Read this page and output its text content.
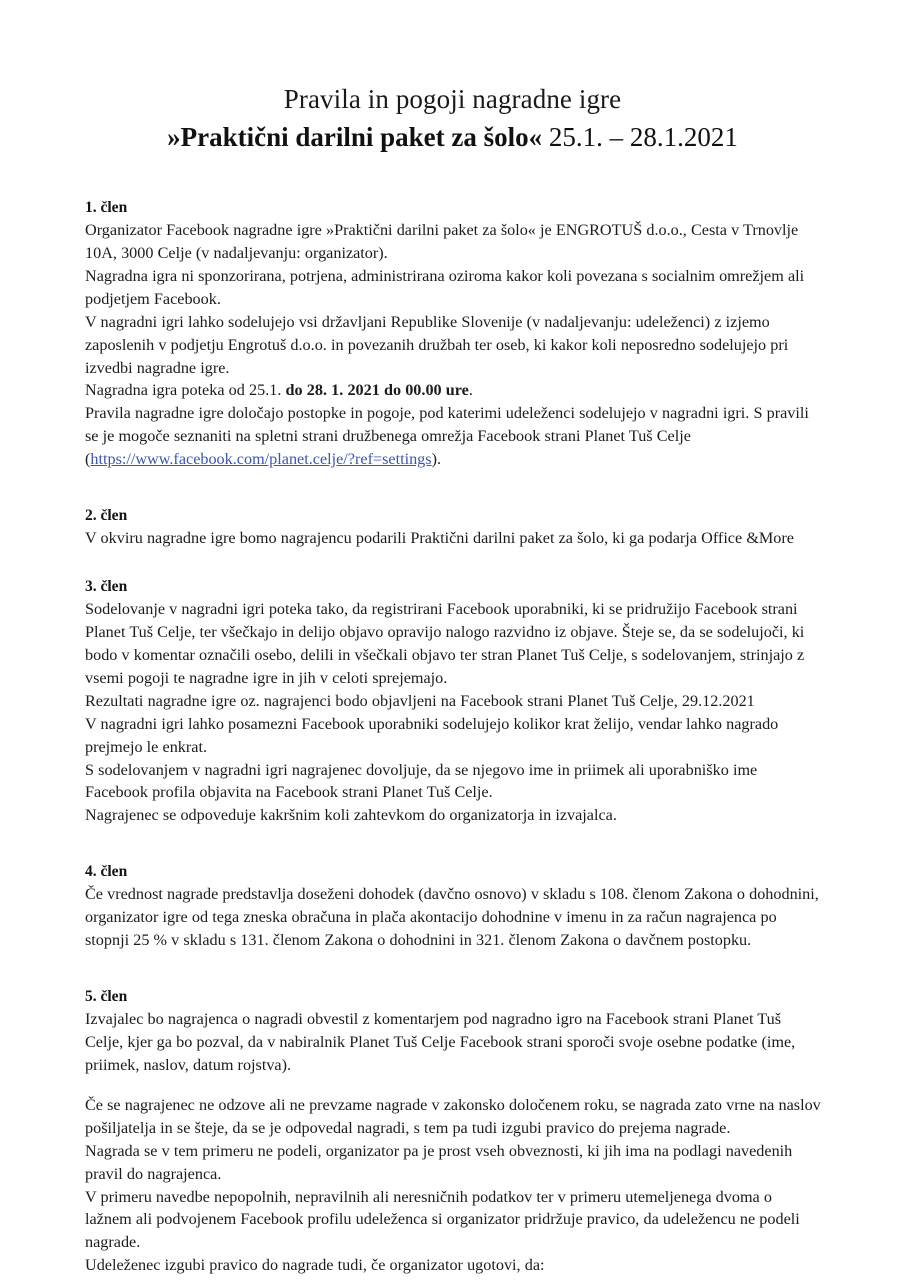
Pravila in pogoji nagradne igre
»Praktični darilni paket za šolo« 25.1. – 28.1.2021

1. člen

Organizator Facebook nagradne igre »Praktični darilni paket za šolo« je ENGROTUŠ d.o.o., Cesta v Trnovlje 10A, 3000 Celje (v nadaljevanju: organizator).

Nagradna igra ni sponzorirana, potrjena, administrirana oziroma kakor koli povezana s socialnim omrežjem ali podjetjem Facebook.

V nagradni igri lahko sodelujejo vsi državljani Republike Slovenije (v nadaljevanju: udeleženci) z izjemo zaposlenih v podjetju Engrotuš d.o.o. in povezanih družbah ter oseb, ki kakor koli neposredno sodelujejo pri izvedbi nagradne igre.

Nagradna igra poteka od 25.1. do 28. 1. 2021 do 00.00 ure.

Pravila nagradne igre določajo postopke in pogoje, pod katerimi udeleženci sodelujejo v nagradni igri. S pravili se je mogoče seznaniti na spletni strani družbenega omrežja Facebook strani Planet Tuš Celje

(https://www.facebook.com/planet.celje/?ref=settings).

2. člen

V okviru nagradne igre bomo nagrajencu podarili Praktični darilni paket za šolo, ki ga podarja Office &More

3. člen

Sodelovanje v nagradni igri poteka tako, da registrirani Facebook uporabniki, ki se pridružijo Facebook strani Planet Tuš Celje, ter všečkajo in delijo objavo opravijo nalogo razvidno iz objave. Šteje se, da se sodelujoči, ki bodo v komentar označili osebo, delili in všečkali objavo ter stran Planet Tuš Celje, s sodelovanjem, strinjajo z vsemi pogoji te nagradne igre in jih v celoti sprejemajo.

Rezultati nagradne igre oz. nagrajenci bodo objavljeni na Facebook strani Planet Tuš Celje, 29.12.2021

V nagradni igri lahko posamezni Facebook uporabniki sodelujejo kolikor krat želijo, vendar lahko nagrado prejmejo le enkrat.

S sodelovanjem v nagradni igri nagrajenec dovoljuje, da se njegovo ime in priimek ali uporabniško ime Facebook profila objavita na Facebook strani Planet Tuš Celje.

Nagrajenec se odpoveduje kakršnim koli zahtevkom do organizatorja in izvajalca.

4. člen

Če vrednost nagrade predstavlja doseženi dohodek (davčno osnovo) v skladu s 108. členom Zakona o dohodnini, organizator igre od tega zneska obračuna in plača akontacijo dohodnine v imenu in za račun nagrajenca po stopnji 25 % v skladu s 131. členom Zakona o dohodnini in 321. členom Zakona o davčnem postopku.

5. člen

Izvajalec bo nagrajenca o nagradi obvestil z komentarjem pod nagradno igro na Facebook strani Planet Tuš Celje, kjer ga bo pozval, da v nabiralnik Planet Tuš Celje Facebook strani sporoči svoje osebne podatke (ime, priimek, naslov, datum rojstva).

Če se nagrajenec ne odzove ali ne prevzame nagrade v zakonsko določenem roku, se nagrada zato vrne na naslov pošiljatelja in se šteje, da se je odpovedal nagradi, s tem pa tudi izgubi pravico do prejema nagrade.

Nagrada se v tem primeru ne podeli, organizator pa je prost vseh obveznosti, ki jih ima na podlagi navedenih pravil do nagrajenca.

V primeru navedbe nepopolnih, nepravilnih ali neresničnih podatkov ter v primeru utemeljenega dvoma o lažnem ali podvojenem Facebook profilu udeleženca si organizator pridržuje pravico, da udeležencu ne podeli nagrade.

Udeleženec izgubi pravico do nagrade tudi, če organizator ugotovi, da:
